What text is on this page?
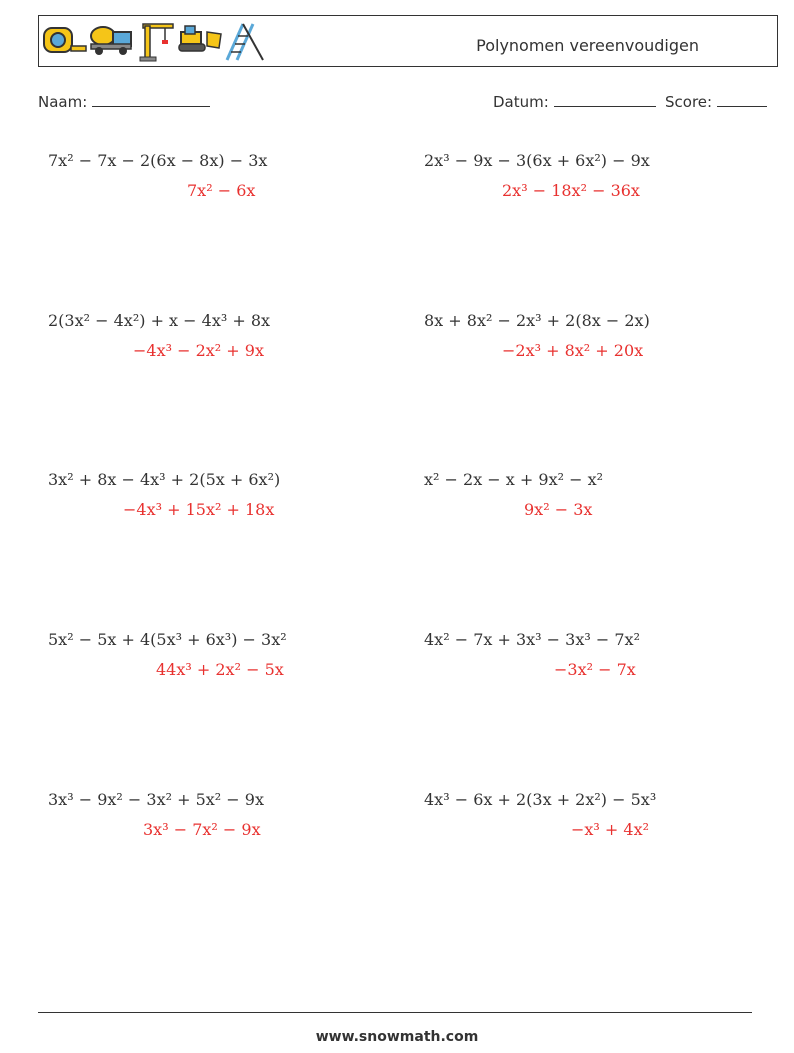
Polynomen vereenvoudigen
Naam:	Datum:	Score:
7x² − 7x − 2(6x − 8x) − 3x
7x² − 6x
2x³ − 9x − 3(6x + 6x²) − 9x
2x³ − 18x² − 36x
2(3x² − 4x²) + x − 4x³ + 8x
−4x³ − 2x² + 9x
8x + 8x² − 2x³ + 2(8x − 2x)
−2x³ + 8x² + 20x
3x² + 8x − 4x³ + 2(5x + 6x²)
−4x³ + 15x² + 18x
x² − 2x − x + 9x² − x²
9x² − 3x
5x² − 5x + 4(5x³ + 6x³) − 3x²
44x³ + 2x² − 5x
4x² − 7x + 3x³ − 3x³ − 7x²
−3x² − 7x
3x³ − 9x² − 3x² + 5x² − 9x
3x³ − 7x² − 9x
4x³ − 6x + 2(3x + 2x²) − 5x³
−x³ + 4x²
www.snowmath.com
